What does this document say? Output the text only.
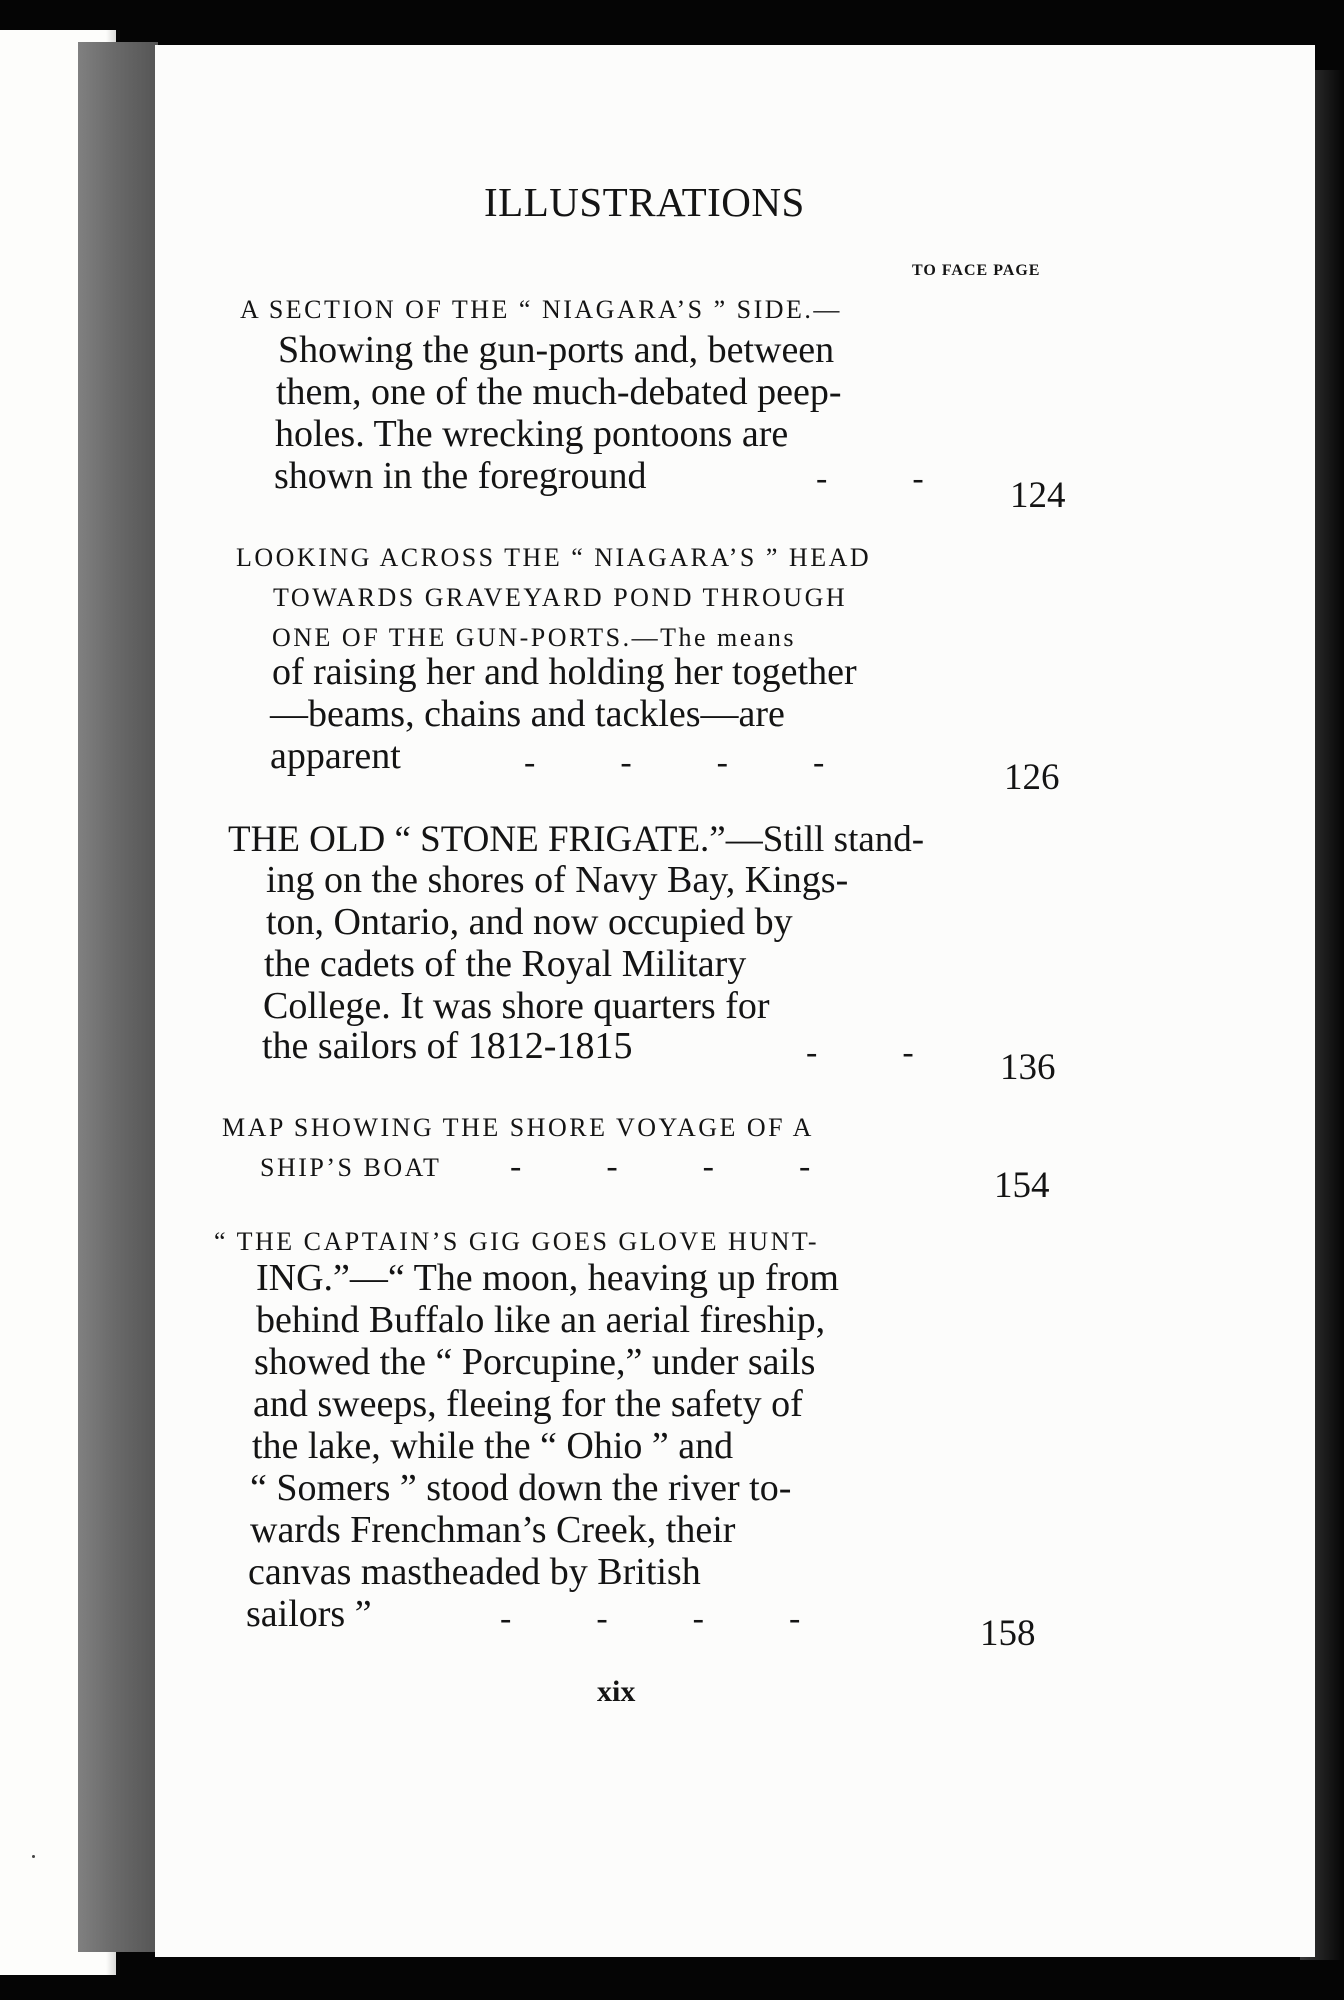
ILLUSTRATIONS
TO FACE PAGE
A SECTION OF THE “ NIAGARA’S ” SIDE.—
Showing the gun-ports and, between
them, one of the much-debated peep-
holes. The wrecking pontoons are
shown in the foreground	-          - 124
LOOKING ACROSS THE “ NIAGARA’S ” HEAD
TOWARDS GRAVEYARD POND THROUGH
ONE OF THE GUN-PORTS.—The means
of raising her and holding her together
—beams, chains and tackles—are
apparent	-          -          -          -	126
THE OLD “ STONE FRIGATE.”—Still stand-
ing on the shores of Navy Bay, Kings-
ton, Ontario, and now occupied by
the cadets of the Royal Military
College. It was shore quarters for
the sailors of 1812-1815	-          - 136
MAP SHOWING THE SHORE VOYAGE OF A
SHIP’S BOAT -          -          -          -	154
“ THE CAPTAIN’S GIG GOES GLOVE HUNT-
ING.”—“ The moon, heaving up from
behind Buffalo like an aerial fireship,
showed the “ Porcupine,” under sails
and sweeps, fleeing for the safety of
the lake, while the “ Ohio ” and
“ Somers ” stood down the river to-
wards Frenchman’s Creek, their
canvas mastheaded by British
sailors ”	-          -          -          -	158
xix
